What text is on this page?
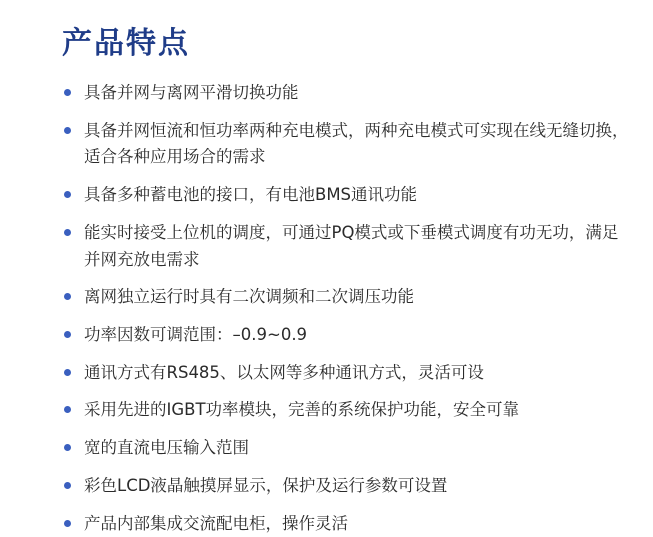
产品特点
具备并网与离网平滑切换功能
具备并网恒流和恒功率两种充电模式，两种充电模式可实现在线无缝切换，适合各种应用场合的需求
具备多种蓄电池的接口，有电池BMS通讯功能
能实时接受上位机的调度，可通过PQ模式或下垂模式调度有功无功，满足并网充放电需求
离网独立运行时具有二次调频和二次调压功能
功率因数可调范围：–0.9~0.9
通讯方式有RS485、以太网等多种通讯方式，灵活可设
采用先进的IGBT功率模块，完善的系统保护功能，安全可靠
宽的直流电压输入范围
彩色LCD液晶触摸屏显示，保护及运行参数可设置
产品内部集成交流配电柜，操作灵活
